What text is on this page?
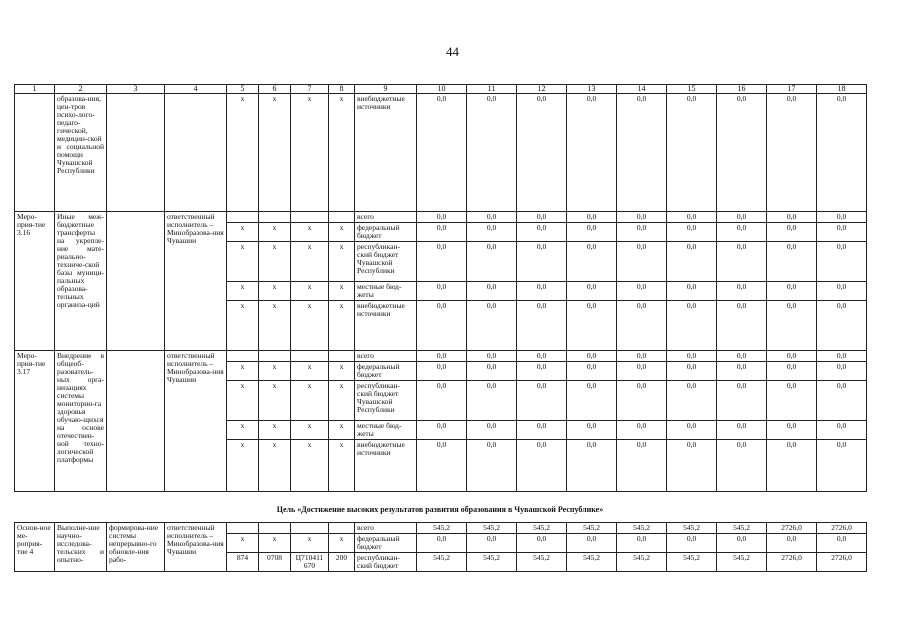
44
1	2	3	4	5	6	7	8	9	10	11	12	13	14	15	16	17	18
	образова-ния, цен-тров психо-лого-педаго-гической, медицин-ской и социальной помощи Чувашской Республики			x	x	x	x	внебюджетные источники	0,0	0,0	0,0	0,0	0,0	0,0	0,0	0,0	0,0
Меро-прия-тие 3.16	Иные меж-бюджетные трансферты на укрепле-ние мате-риально-техниче-ской базы муници-пальных образова-тельных организа-ций		ответственный исполнитель – Минобразова-ния Чувашии					всего	0,0	0,0	0,0	0,0	0,0	0,0	0,0	0,0	0,0
				x	x	x	x	федеральный бюджет	0,0	0,0	0,0	0,0	0,0	0,0	0,0	0,0	0,0
				x	x	x	x	республикан-ский бюджет Чувашской Республики	0,0	0,0	0,0	0,0	0,0	0,0	0,0	0,0	0,0
				x	x	x	x	местные бюд-жеты	0,0	0,0	0,0	0,0	0,0	0,0	0,0	0,0	0,0
				x	x	x	x	внебюджетные источники	0,0	0,0	0,0	0,0	0,0	0,0	0,0	0,0	0,0
Меро-прия-тие 3.17	Внедрение в общеоб-разователь-ных орга-низациях системы мониторин-га здоровья обучаю-щихся на основе отечествен-ной техно-логической платформы		ответственный исполнитель – Минобразова-ния Чувашии					всего	0,0	0,0	0,0	0,0	0,0	0,0	0,0	0,0	0,0
				x	x	x	x	федеральный бюджет	0,0	0,0	0,0	0,0	0,0	0,0	0,0	0,0	0,0
				x	x	x	x	республикан-ский бюджет Чувашской Республики	0,0	0,0	0,0	0,0	0,0	0,0	0,0	0,0	0,0
				x	x	x	x	местные бюд-жеты	0,0	0,0	0,0	0,0	0,0	0,0	0,0	0,0	0,0
				x	x	x	x	внебюджетные источники	0,0	0,0	0,0	0,0	0,0	0,0	0,0	0,0	0,0
Цель «Достижение высоких результатов развития образования в Чувашской Республике»
Основ-ное ме-роприя-тие 4	Выполне-ние научно-исследова-тельских и опытно-	формирова-ние системы непрерывно-го обновле-ния рабо-	ответственный исполнитель – Минобразова-ния Чувашии					всего	545,2	545,2	545,2	545,2	545,2	545,2	545,2	2726,0	2726,0
				x	x	x	x	федеральный бюджет	0,0	0,0	0,0	0,0	0,0	0,0	0,0	0,0	0,0
				874	0708	Ц710411 670	200	республикан-ский бюджет	545,2	545,2	545,2	545,2	545,2	545,2	545,2	2726,0	2726,0
